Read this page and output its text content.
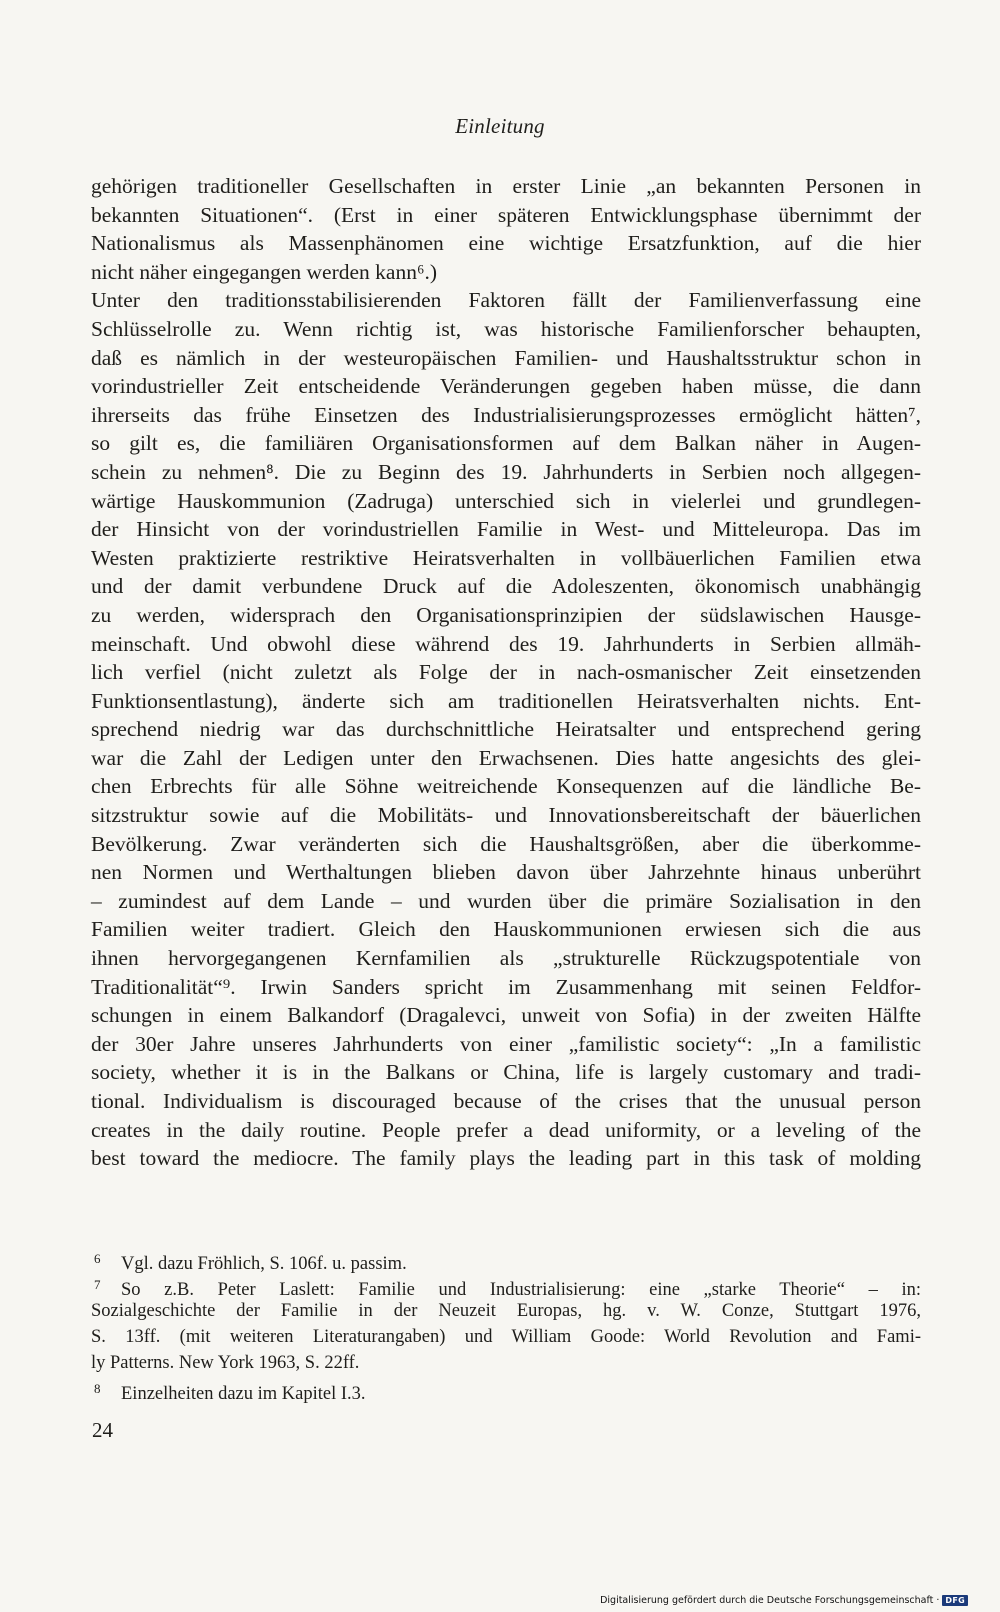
Einleitung
gehörigen traditioneller Gesellschaften in erster Linie „an bekannten Personen in
bekannten Situationen“. (Erst in einer späteren Entwicklungsphase übernimmt der
Nationalismus als Massenphänomen eine wichtige Ersatzfunktion, auf die hier
nicht näher eingegangen werden kann⁶.)
Unter den traditionsstabilisierenden Faktoren fällt der Familienverfassung eine
Schlüsselrolle zu. Wenn richtig ist, was historische Familienforscher behaupten,
daß es nämlich in der westeuropäischen Familien- und Haushaltsstruktur schon in
vorindustrieller Zeit entscheidende Veränderungen gegeben haben müsse, die dann
ihrerseits das frühe Einsetzen des Industrialisierungsprozesses ermöglicht hätten⁷,
so gilt es, die familiären Organisationsformen auf dem Balkan näher in Augen-
schein zu nehmen⁸. Die zu Beginn des 19. Jahrhunderts in Serbien noch allgegen-
wärtige Hauskommunion (Zadruga) unterschied sich in vielerlei und grundlegen-
der Hinsicht von der vorindustriellen Familie in West- und Mitteleuropa. Das im
Westen praktizierte restriktive Heiratsverhalten in vollbäuerlichen Familien etwa
und der damit verbundene Druck auf die Adoleszenten, ökonomisch unabhängig
zu werden, widersprach den Organisationsprinzipien der südslawischen Hausge-
meinschaft. Und obwohl diese während des 19. Jahrhunderts in Serbien allmäh-
lich verfiel (nicht zuletzt als Folge der in nach-osmanischer Zeit einsetzenden
Funktionsentlastung), änderte sich am traditionellen Heiratsverhalten nichts. Ent-
sprechend niedrig war das durchschnittliche Heiratsalter und entsprechend gering
war die Zahl der Ledigen unter den Erwachsenen. Dies hatte angesichts des glei-
chen Erbrechts für alle Söhne weitreichende Konsequenzen auf die ländliche Be-
sitzstruktur sowie auf die Mobilitäts- und Innovationsbereitschaft der bäuerlichen
Bevölkerung. Zwar veränderten sich die Haushaltsgrößen, aber die überkomme-
nen Normen und Werthaltungen blieben davon über Jahrzehnte hinaus unberührt
– zumindest auf dem Lande – und wurden über die primäre Sozialisation in den
Familien weiter tradiert. Gleich den Hauskommunionen erwiesen sich die aus
ihnen hervorgegangenen Kernfamilien als „strukturelle Rückzugspotentiale von
Traditionalität“⁹. Irwin Sanders spricht im Zusammenhang mit seinen Feldfor-
schungen in einem Balkandorf (Dragalevci, unweit von Sofia) in der zweiten Hälfte
der 30er Jahre unseres Jahrhunderts von einer „familistic society“: „In a familistic
society, whether it is in the Balkans or China, life is largely customary and tradi-
tional. Individualism is discouraged because of the crises that the unusual person
creates in the daily routine. People prefer a dead uniformity, or a leveling of the
best toward the mediocre. The family plays the leading part in this task of molding
6 Vgl. dazu Fröhlich, S. 106f. u. passim.
7 So z.B. Peter Laslett: Familie und Industrialisierung: eine „starke Theorie“ – in:
Sozialgeschichte der Familie in der Neuzeit Europas, hg. v. W. Conze, Stuttgart 1976,
S. 13ff. (mit weiteren Literaturangaben) und William Goode: World Revolution and Fami-
ly Patterns. New York 1963, S. 22ff.
8 Einzelheiten dazu im Kapitel I.3.
24
Digitalisierung gefördert durch die Deutsche Forschungsgemeinschaft · DFG
